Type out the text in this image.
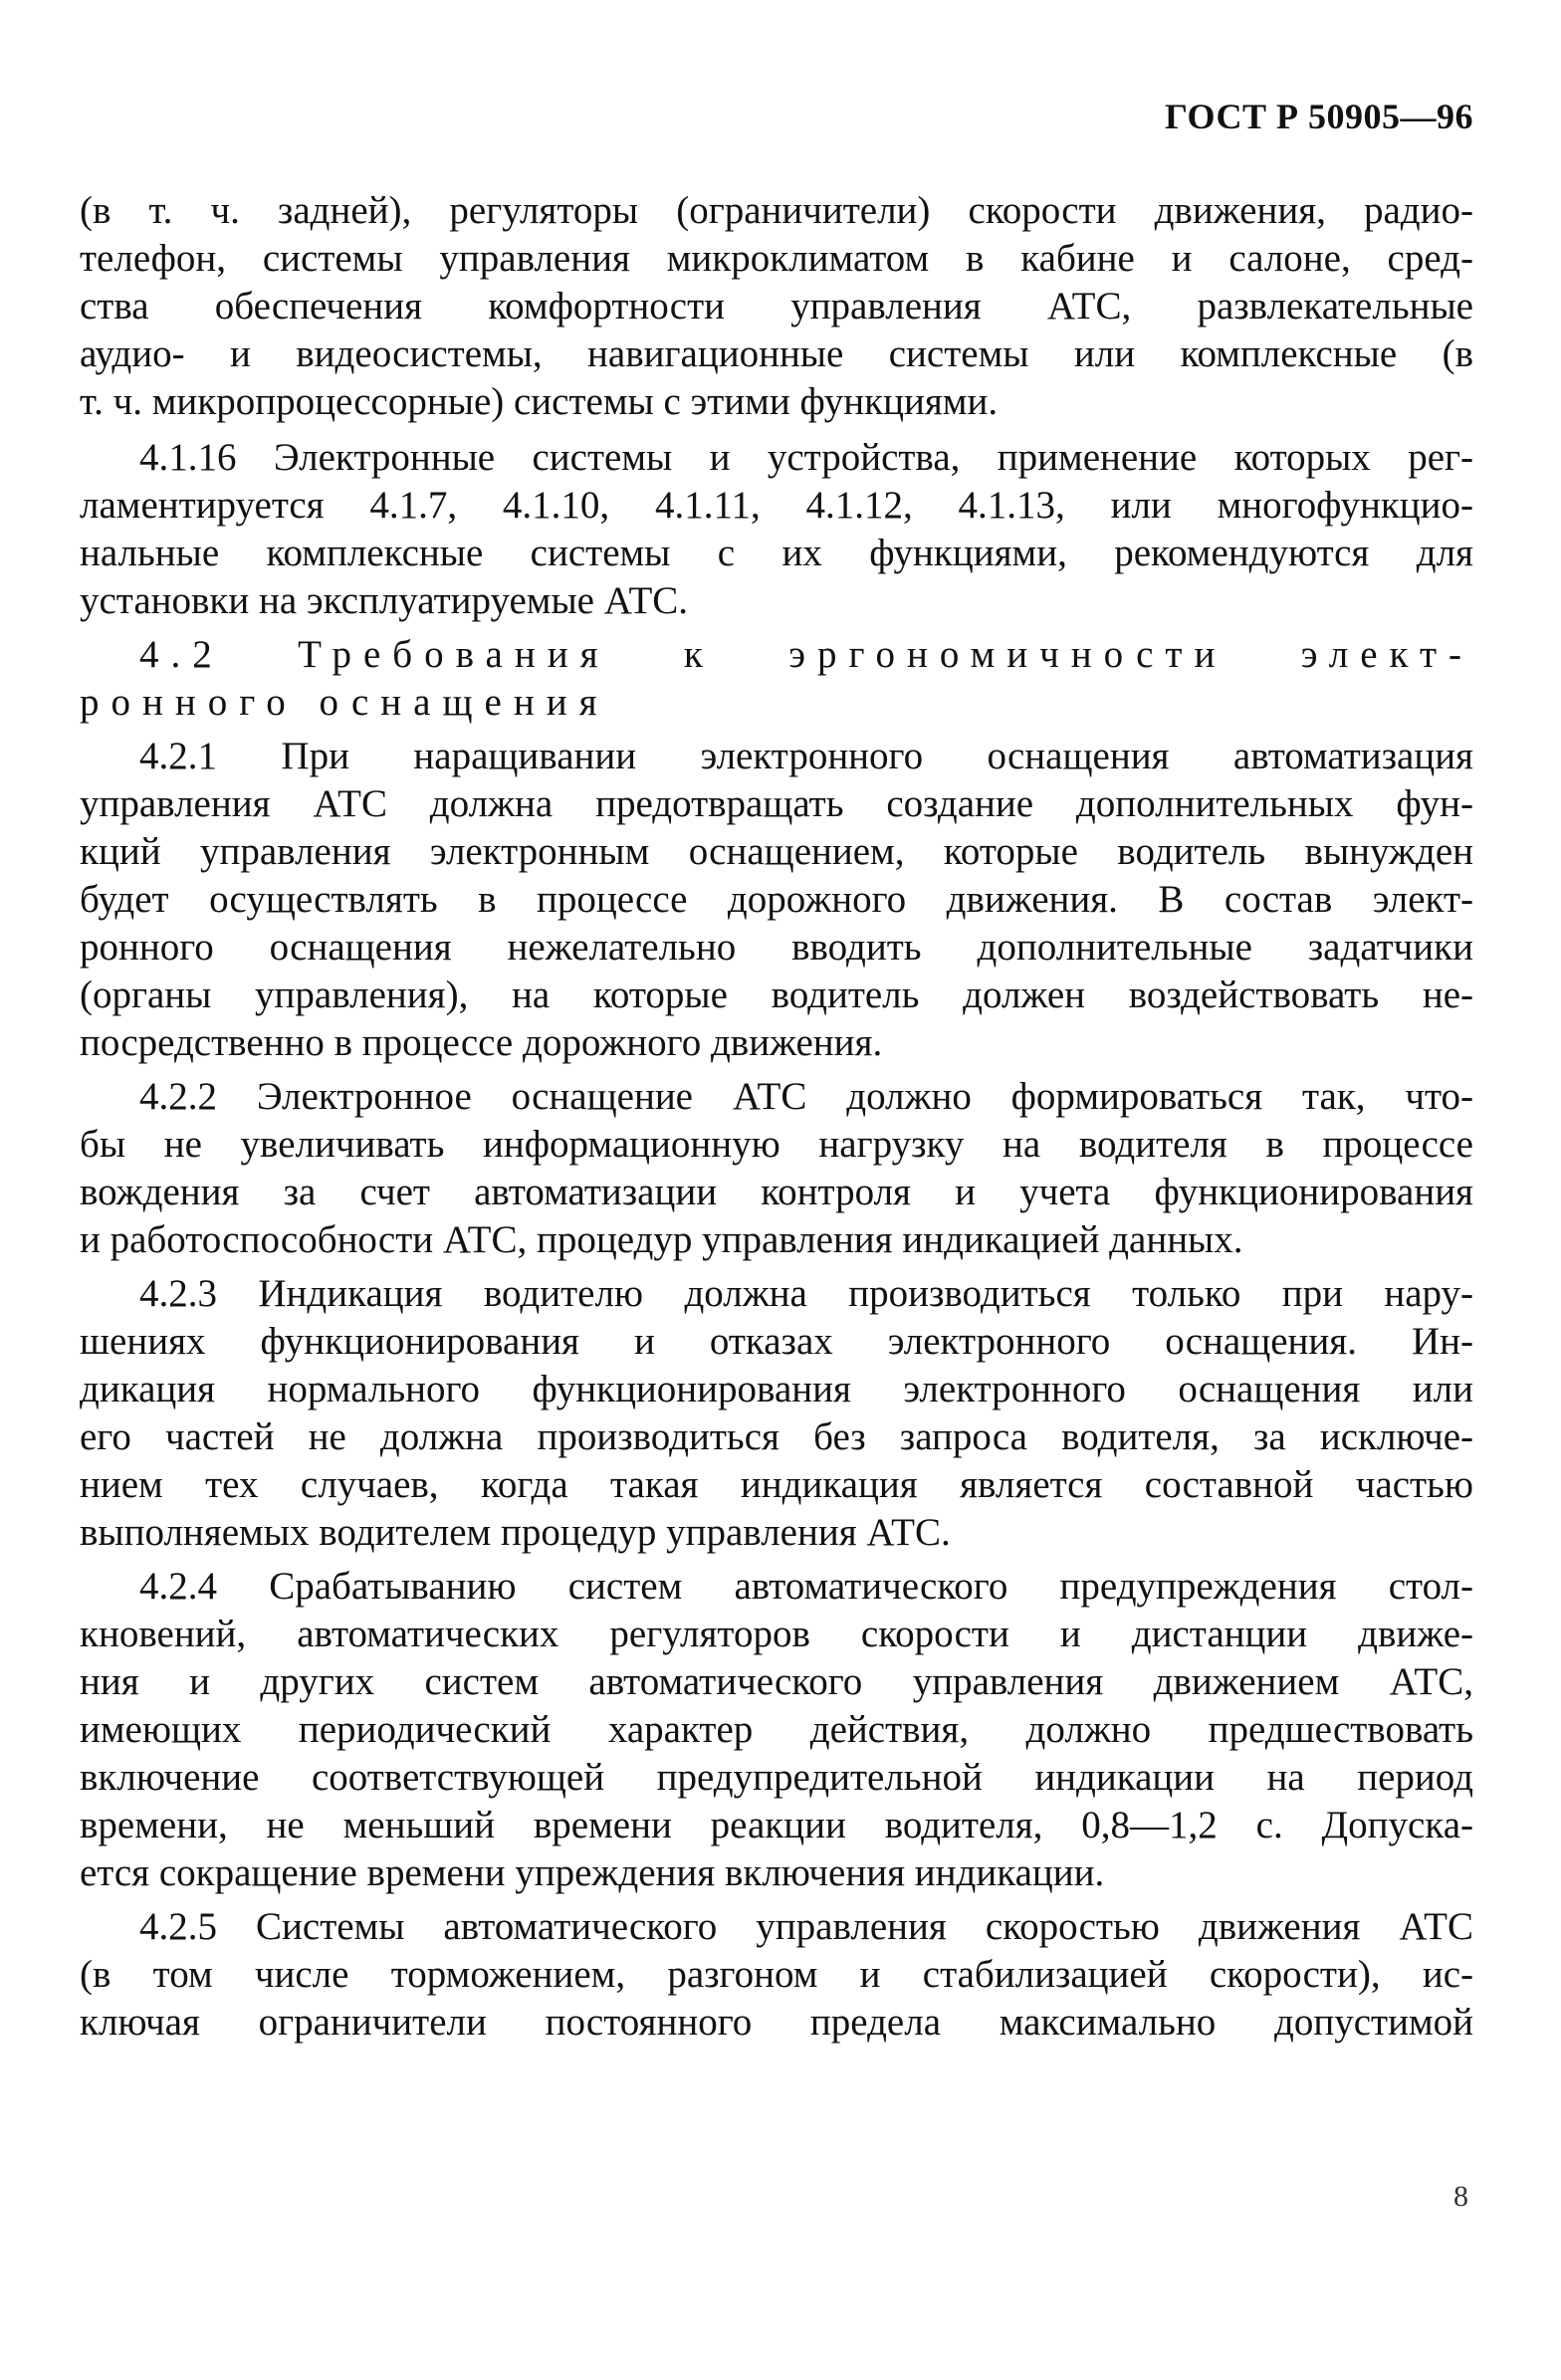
ГОСТ Р 50905—96
(в т. ч. задней), регуляторы (ограничители) скорости движения, радио-
телефон, системы управления микроклиматом в кабине и салоне, сред-
ства обеспечения комфортности управления АТС, развлекательные
аудио- и видеосистемы, навигационные системы или комплексные (в
т. ч. микропроцессорные) системы с этими функциями.
4.1.16 Электронные системы и устройства, применение которых рег-
ламентируется 4.1.7, 4.1.10, 4.1.11, 4.1.12, 4.1.13, или многофункцио-
нальные комплексные системы с их функциями, рекомендуются для
установки на эксплуатируемые АТС.
4.2 Требования к эргономичности элект-
ронного оснащения
4.2.1 При наращивании электронного оснащения автоматизация
управления АТС должна предотвращать создание дополнительных фун-
кций управления электронным оснащением, которые водитель вынужден
будет осуществлять в процессе дорожного движения. В состав элект-
ронного оснащения нежелательно вводить дополнительные задатчики
(органы управления), на которые водитель должен воздействовать не-
посредственно в процессе дорожного движения.
4.2.2 Электронное оснащение АТС должно формироваться так, что-
бы не увеличивать информационную нагрузку на водителя в процессе
вождения за счет автоматизации контроля и учета функционирования
и работоспособности АТС, процедур управления индикацией данных.
4.2.3 Индикация водителю должна производиться только при нару-
шениях функционирования и отказах электронного оснащения. Ин-
дикация нормального функционирования электронного оснащения или
его частей не должна производиться без запроса водителя, за исключе-
нием тех случаев, когда такая индикация является составной частью
выполняемых водителем процедур управления АТС.
4.2.4 Срабатыванию систем автоматического предупреждения стол-
кновений, автоматических регуляторов скорости и дистанции движе-
ния и других систем автоматического управления движением АТС,
имеющих периодический характер действия, должно предшествовать
включение соответствующей предупредительной индикации на период
времени, не меньший времени реакции водителя, 0,8—1,2 с. Допуска-
ется сокращение времени упреждения включения индикации.
4.2.5 Системы автоматического управления скоростью движения АТС
(в том числе торможением, разгоном и стабилизацией скорости), ис-
ключая ограничители постоянного предела максимально допустимой
8
